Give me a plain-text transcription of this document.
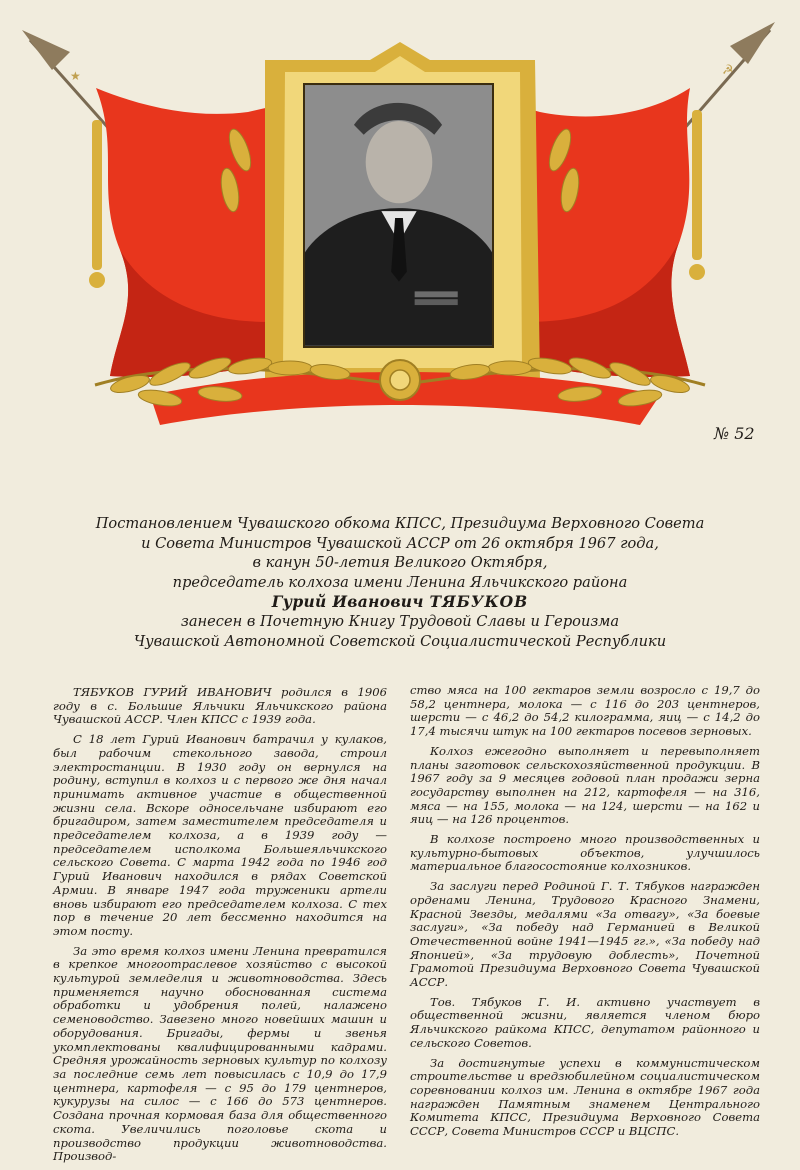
★	☭
№ 52
Постановлением Чувашского обкома КПСС, Президиума Верховного Совета
и Совета Министров Чувашской АССР от 26 октября 1967 года,
в канун 50-летия Великого Октября,
председатель колхоза имени Ленина Яльчикского района
Гурий Иванович ТЯБУКОВ
занесен в Почетную Книгу Трудовой Славы и Героизма
Чувашской Автономной Советской Социалистической Республики

ТЯБУКОВ ГУРИЙ ИВАНОВИЧ родился в 1906 году в с. Большие Яльчики Яльчикского района Чувашской АССР. Член КПСС с 1939 года.

С 18 лет Гурий Иванович батрачил у кулаков, был рабочим стекольного завода, строил электростанции. В 1930 году он вернулся на родину, вступил в колхоз и с первого же дня начал принимать активное участие в общественной жизни села. Вскоре односельчане избирают его бригадиром, затем заместителем председателя и председателем колхоза, а в 1939 году — председателем исполкома Большеяльчикского сельского Совета. С марта 1942 года по 1946 год Гурий Иванович находился в рядах Советской Армии. В январе 1947 года труженики артели вновь избирают его председателем колхоза. С тех пор в течение 20 лет бессменно находится на этом посту.

За это время колхоз имени Ленина превратился в крепкое многоотраслевое хозяйство с высокой культурой земледелия и животноводства. Здесь применяется научно обоснованная система обработки и удобрения полей, налажено семеноводство. Завезено много новейших машин и оборудования. Бригады, фермы и звенья укомплектованы квалифицированными кадрами. Средняя урожайность зерновых культур по колхозу за последние семь лет повысилась с 10,9 до 17,9 центнера, картофеля — с 95 до 179 центнеров, кукурузы на силос — с 166 до 573 центнеров. Создана прочная кормовая база для общественного скота. Увеличились поголовье скота и производство продукции животноводства. Производ-

ство мяса на 100 гектаров земли возросло с 19,7 до 58,2 центнера, молока — с 116 до 203 центнеров, шерсти — с 46,2 до 54,2 килограмма, яиц — с 14,2 до 17,4 тысячи штук на 100 гектаров посевов зерновых.

Колхоз ежегодно выполняет и перевыполняет планы заготовок сельскохозяйственной продукции. В 1967 году за 9 месяцев годовой план продажи зерна государству выполнен на 212, картофеля — на 316, мяса — на 155, молока — на 124, шерсти — на 162 и яиц — на 126 процентов.

В колхозе построено много производственных и культурно-бытовых объектов, улучшилось материальное благосостояние колхозников.

За заслуги перед Родиной Г. Т. Тябуков награжден орденами Ленина, Трудового Красного Знамени, Красной Звезды, медалями «За отвагу», «За боевые заслуги», «За победу над Германией в Великой Отечественной войне 1941—1945 гг.», «За победу над Японией», «За трудовую доблесть», Почетной Грамотой Президиума Верховного Совета Чувашской АССР.

Тов. Тябуков Г. И. активно участвует в общественной жизни, является членом бюро Яльчикского райкома КПСС, депутатом районного и сельского Советов.

За достигнутые успехи в коммунистическом строительстве и вредзюбилейном социалистическом соревновании колхоз им. Ленина в октябре 1967 года награжден Памятным знаменем Центрального Комитета КПСС, Президиума Верховного Совета СССР, Совета Министров СССР и ВЦСПС.
